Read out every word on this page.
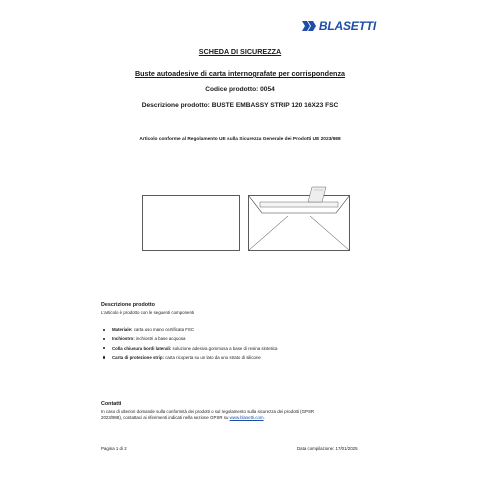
BLASETTI
SCHEDA DI SICUREZZA
Buste autoadesive di carta internografate per corrispondenza
Codice prodotto: 0054
Descrizione prodotto: BUSTE EMBASSY STRIP 120 16X23 FSC
Articolo conforme al Regolamento UE sulla Sicurezza Generale dei Prodotti UE 2023/988
Descrizione prodotto
L'articolo è prodotto con le seguenti componenti
Materiale: carta uso mano certificata FSC
Inchiostro: inchiostri a base acquosa
Colla chiusura bordi laterali: soluzione adesiva gommosa a base di resina sintetica
Carta di protezione strip: carta ricoperta su un lato da uno strato di silicone
Contatti
In caso di ulteriori domande sulla conformità dei prodotti o sul regolamento sulla sicurezza dei prodotti (GPSR
2023/988), contattaci ai riferimenti indicati nella sezione GPSR su www.blasetti.com.
Pagina 1 di 2	Data compilazione: 17/01/2025
